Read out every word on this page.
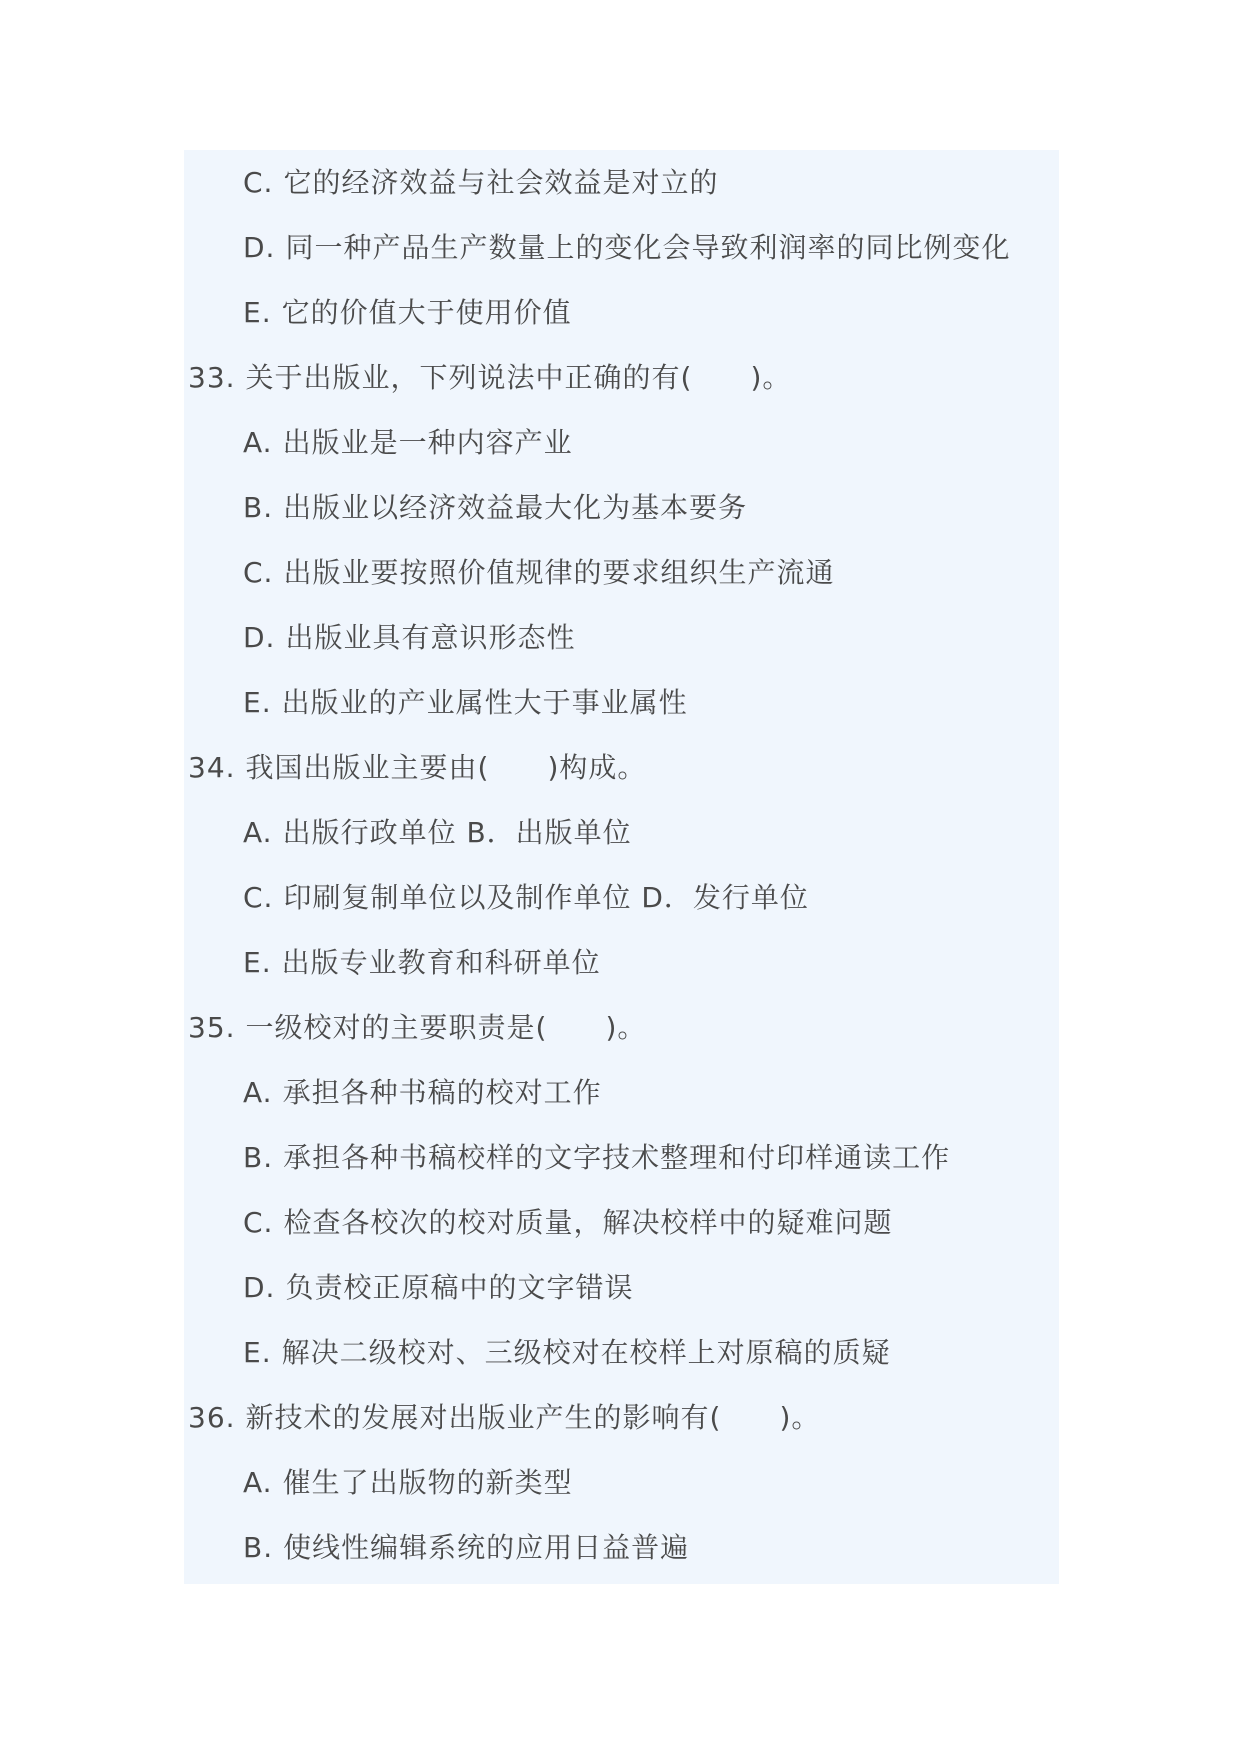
C. 它的经济效益与社会效益是对立的
D. 同一种产品生产数量上的变化会导致利润率的同比例变化
E. 它的价值大于使用价值
33. 关于出版业，下列说法中正确的有(　　)。
A. 出版业是一种内容产业
B. 出版业以经济效益最大化为基本要务
C. 出版业要按照价值规律的要求组织生产流通
D. 出版业具有意识形态性
E. 出版业的产业属性大于事业属性
34. 我国出版业主要由(　　)构成。
A. 出版行政单位 B．出版单位
C. 印刷复制单位以及制作单位 D．发行单位
E. 出版专业教育和科研单位
35. 一级校对的主要职责是(　　)。
A. 承担各种书稿的校对工作
B. 承担各种书稿校样的文字技术整理和付印样通读工作
C. 检查各校次的校对质量，解决校样中的疑难问题
D. 负责校正原稿中的文字错误
E. 解决二级校对、三级校对在校样上对原稿的质疑
36. 新技术的发展对出版业产生的影响有(　　)。
A. 催生了出版物的新类型
B. 使线性编辑系统的应用日益普遍
